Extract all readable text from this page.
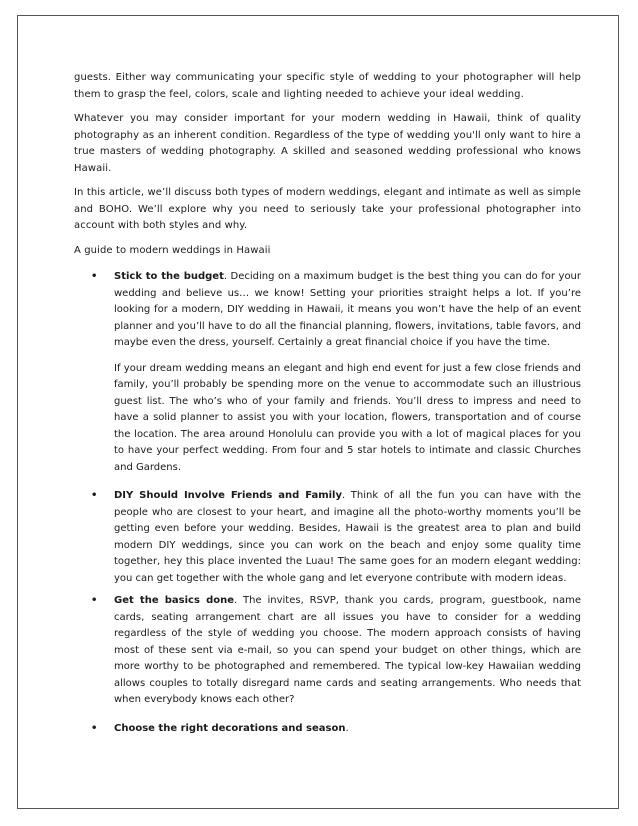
guests. Either way communicating your specific style of wedding to your photographer will help them to grasp the feel, colors, scale and lighting needed to achieve your ideal wedding.

Whatever you may consider important for your modern wedding in Hawaii, think of quality photography as an inherent condition. Regardless of the type of wedding you'll only want to hire a true masters of wedding photography. A skilled and seasoned wedding professional who knows Hawaii.

In this article, we’ll discuss both types of modern weddings, elegant and intimate as well as simple and BOHO. We’ll explore why you need to seriously take your professional photographer into account with both styles and why.

A guide to modern weddings in Hawaii

• Stick to the budget. Deciding on a maximum budget is the best thing you can do for your wedding and believe us… we know! Setting your priorities straight helps a lot. If you’re looking for a modern, DIY wedding in Hawaii, it means you won’t have the help of an event planner and you’ll have to do all the financial planning, flowers, invitations, table favors, and maybe even the dress, yourself. Certainly a great financial choice if you have the time.
If your dream wedding means an elegant and high end event for just a few close friends and family, you’ll probably be spending more on the venue to accommodate such an illustrious guest list. The who’s who of your family and friends. You’ll dress to impress and need to have a solid planner to assist you with your location, flowers, transportation and of course the location. The area around Honolulu can provide you with a lot of magical places for you to have your perfect wedding. From four and 5 star hotels to intimate and classic Churches and Gardens.
• DIY Should Involve Friends and Family. Think of all the fun you can have with the people who are closest to your heart, and imagine all the photo-worthy moments you’ll be getting even before your wedding. Besides, Hawaii is the greatest area to plan and build modern DIY weddings, since you can work on the beach and enjoy some quality time together, hey this place invented the Luau! The same goes for an modern elegant wedding: you can get together with the whole gang and let everyone contribute with modern ideas.
• Get the basics done. The invites, RSVP, thank you cards, program, guestbook, name cards, seating arrangement chart are all issues you have to consider for a wedding regardless of the style of wedding you choose. The modern approach consists of having most of these sent via e-mail, so you can spend your budget on other things, which are more worthy to be photographed and remembered. The typical low-key Hawaiian wedding allows couples to totally disregard name cards and seating arrangements. Who needs that when everybody knows each other?
• Choose the right decorations and season.
